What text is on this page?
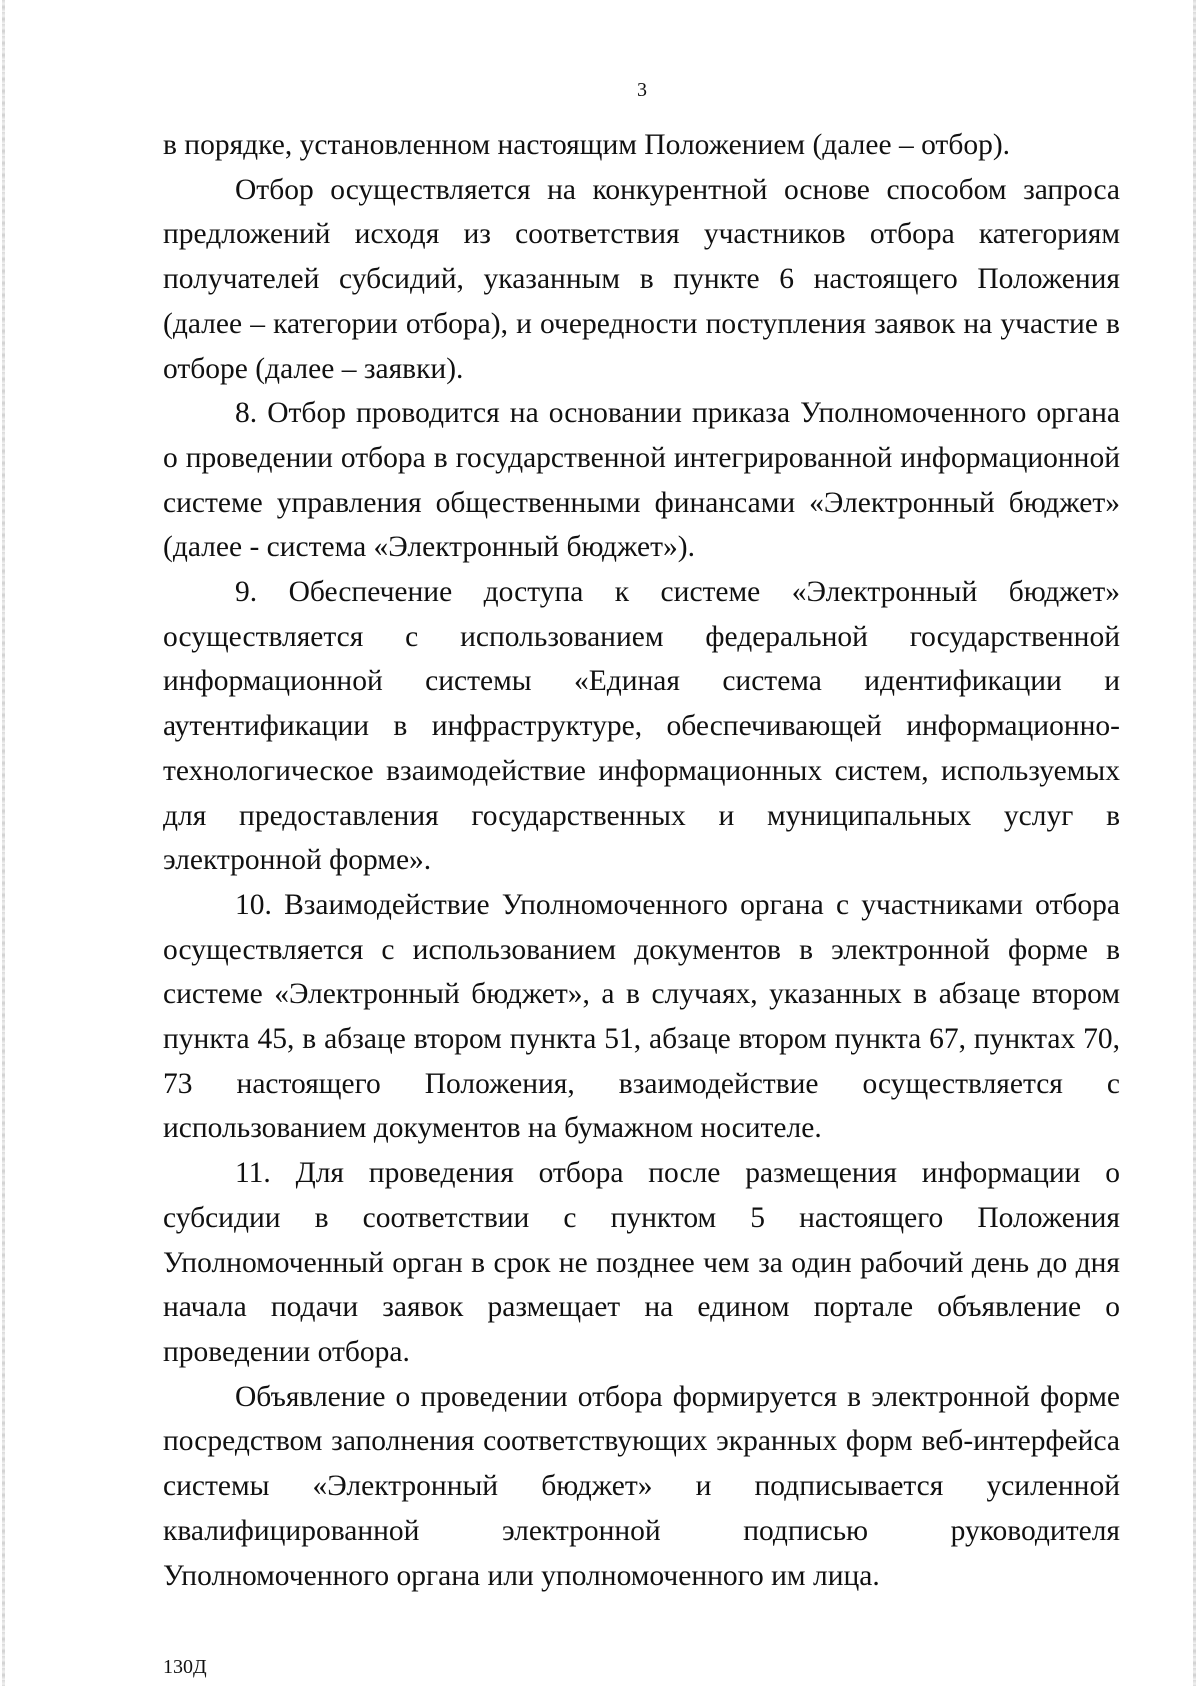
3

в порядке, установленном настоящим Положением (далее – отбор).

Отбор осуществляется на конкурентной основе способом запроса предложений исходя из соответствия участников отбора категориям получателей субсидий, указанным в пункте 6 настоящего Положения (далее – категории отбора), и очередности поступления заявок на участие в отборе (далее – заявки).

8. Отбор проводится на основании приказа Уполномоченного органа о проведении отбора в государственной интегрированной информационной системе управления общественными финансами «Электронный бюджет» (далее - система «Электронный бюджет»).

9. Обеспечение доступа к системе «Электронный бюджет» осуществляется с использованием федеральной государственной информационной системы «Единая система идентификации и аутентификации в инфраструктуре, обеспечивающей информационно-технологическое взаимодействие информационных систем, используемых для предоставления государственных и муниципальных услуг в электронной форме».

10. Взаимодействие Уполномоченного органа с участниками отбора осуществляется с использованием документов в электронной форме в системе «Электронный бюджет», а в случаях, указанных в абзаце втором пункта 45, в абзаце втором пункта 51, абзаце втором пункта 67, пунктах 70, 73 настоящего Положения, взаимодействие осуществляется с использованием документов на бумажном носителе.

11. Для проведения отбора после размещения информации о субсидии в соответствии с пунктом 5 настоящего Положения Уполномоченный орган в срок не позднее чем за один рабочий день до дня начала подачи заявок размещает на едином портале объявление о проведении отбора.

Объявление о проведении отбора формируется в электронной форме посредством заполнения соответствующих экранных форм веб-интерфейса системы «Электронный бюджет» и подписывается усиленной квалифицированной электронной подписью руководителя Уполномоченного органа или уполномоченного им лица.

130Д
